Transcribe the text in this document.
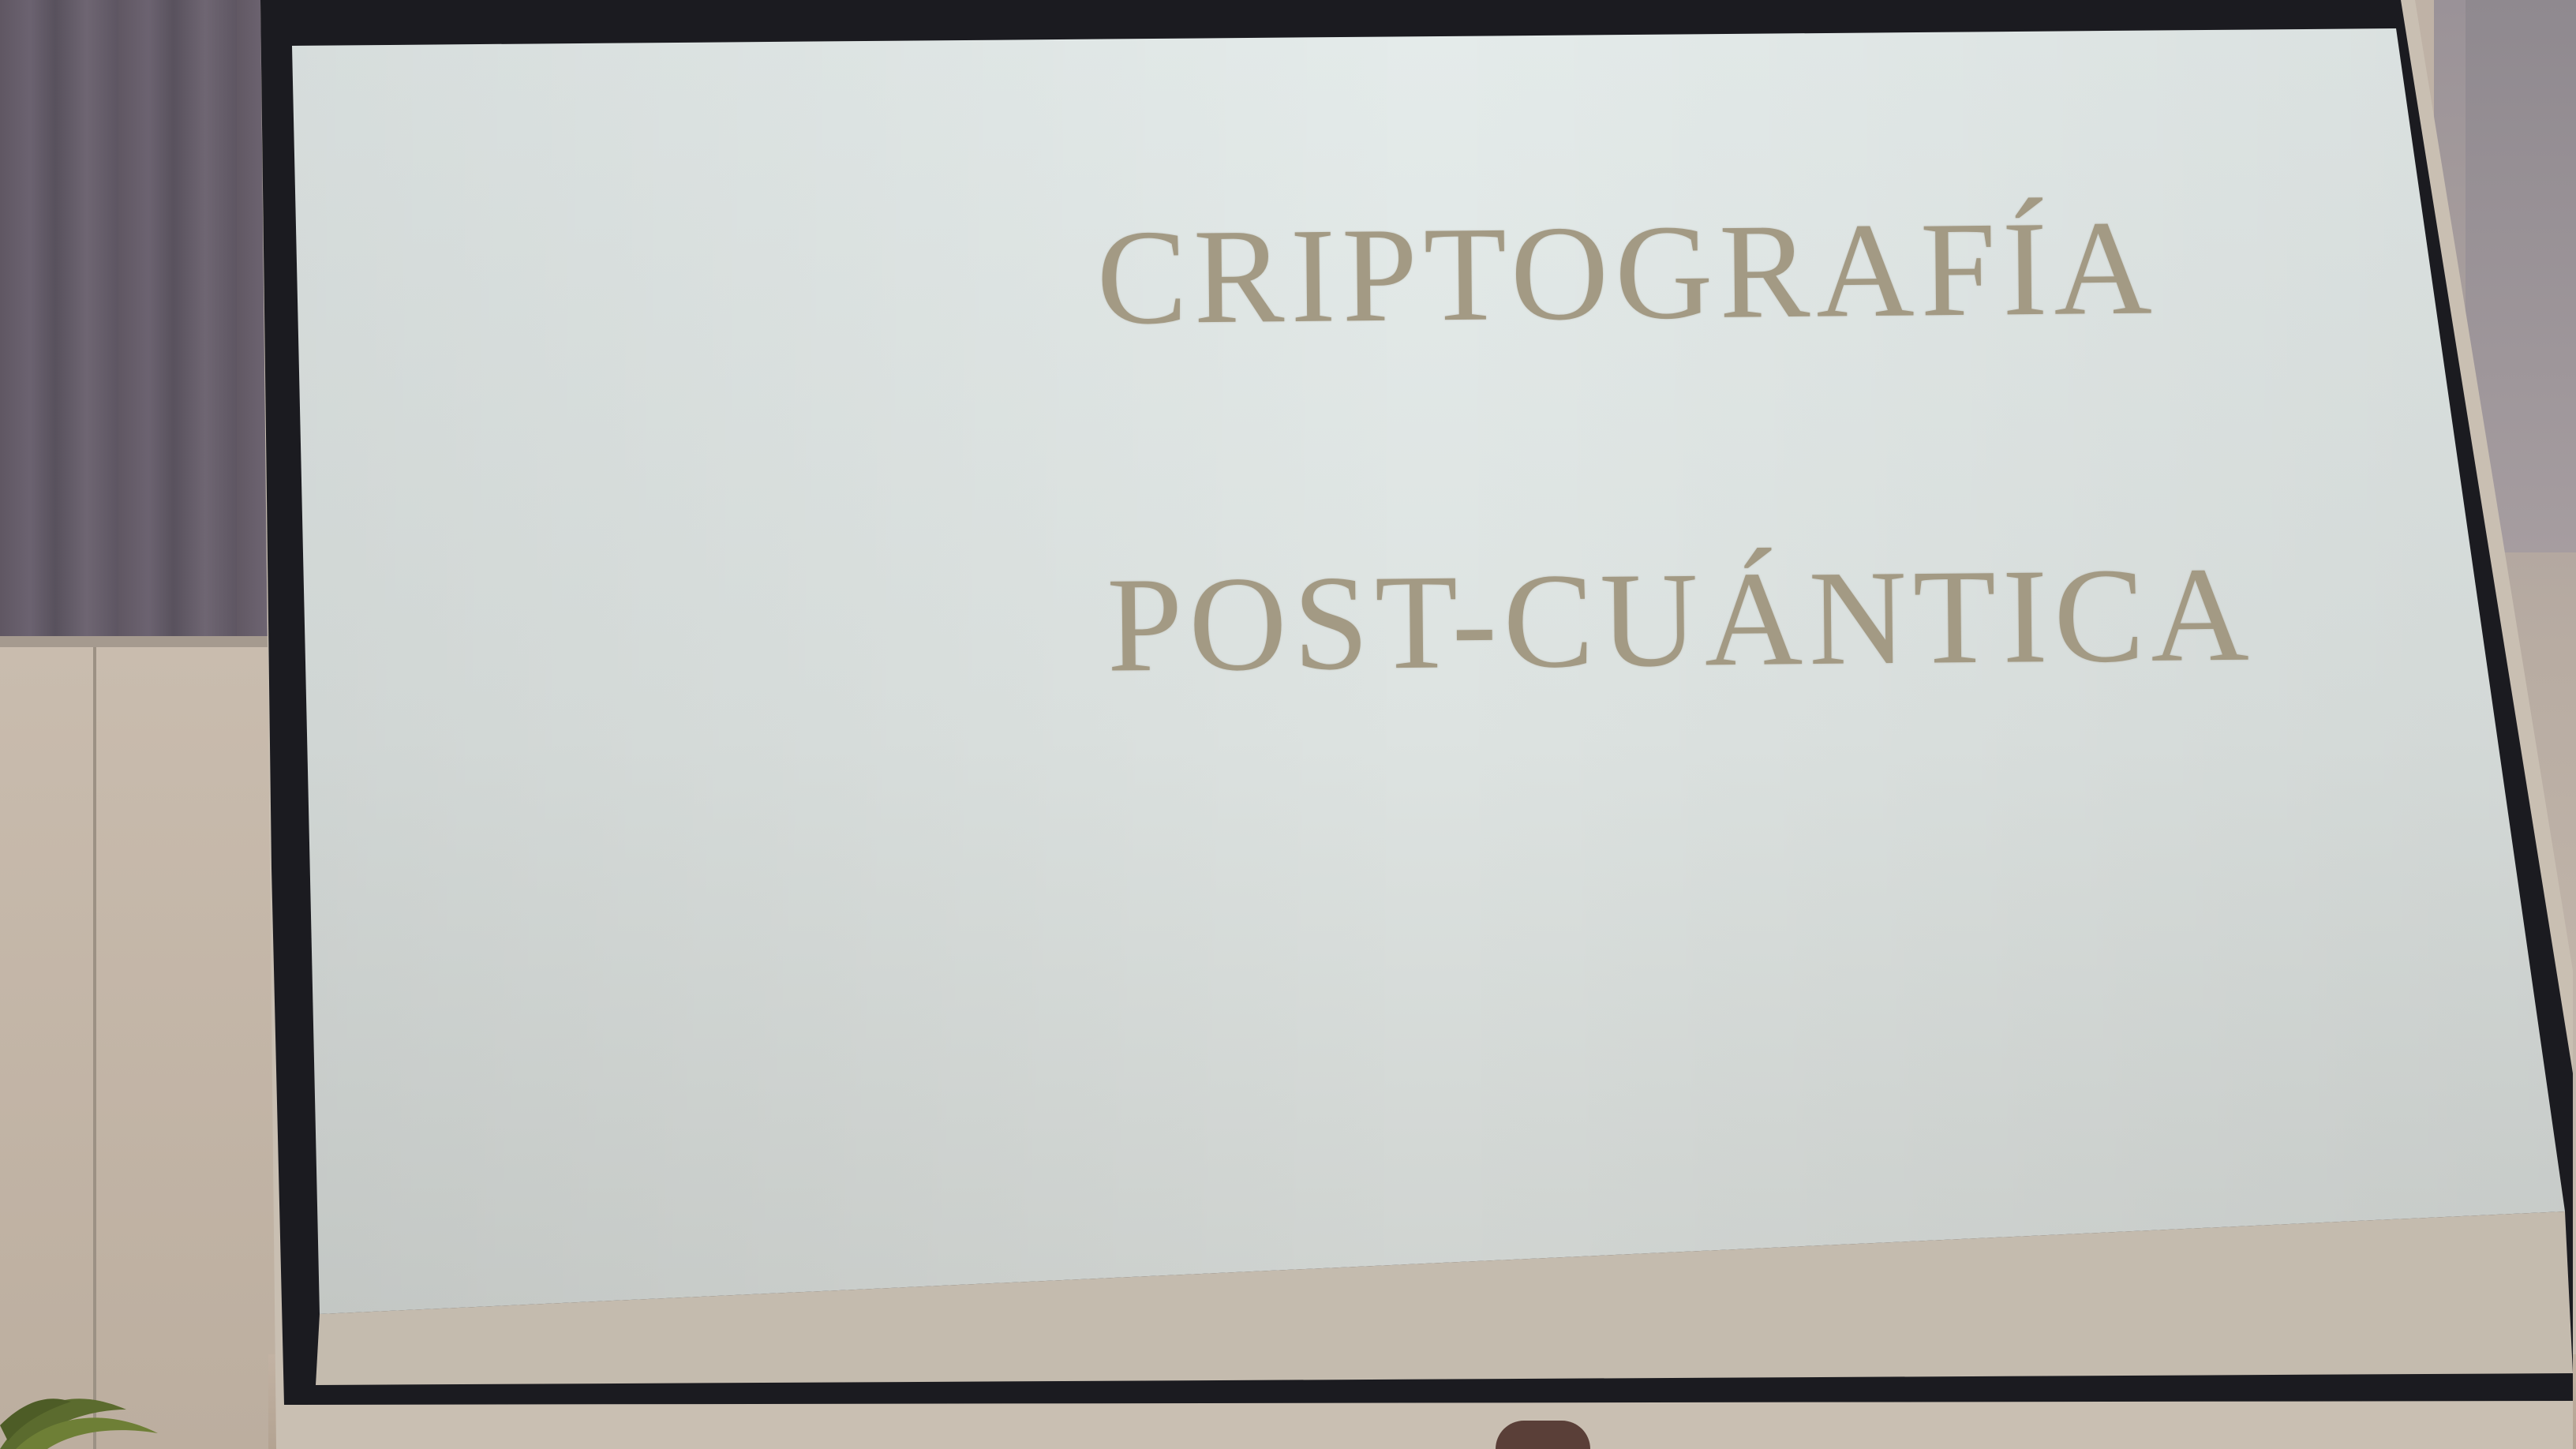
CRIPTOGRAFÍA
POST-CUÁNTICA
